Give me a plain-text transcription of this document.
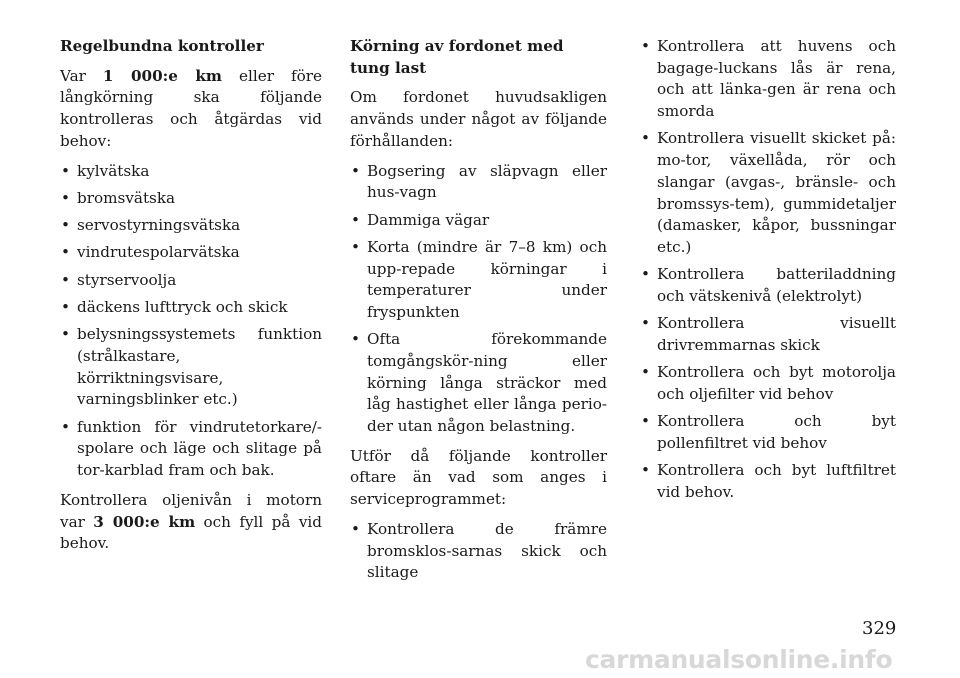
Regelbundna kontroller

Var 1 000:e km eller före långkörning ska följande kontrolleras och åtgärdas vid behov:

• kylvätska
• bromsvätska
• servostyrningsvätska
• vindrutespolarvätska
• styrservoolja
• däckens lufttryck och skick
• belysningssystemets funktion (strålkastare, körriktningsvisare, varningsblinker etc.)
• funktion för vindrutetorkare/-spolare och läge och slitage på tor-karblad fram och bak.

Kontrollera oljenivån i motorn var 3 000:e km och fyll på vid behov.

Körning av fordonet med tung last

Om fordonet huvudsakligen används under något av följande förhållanden:

• Bogsering av släpvagn eller hus-vagn
• Dammiga vägar
• Korta (mindre är 7–8 km) och upp-repade körningar i temperaturer under fryspunkten
• Ofta förekommande tomgångskör-ning eller körning långa sträckor med låg hastighet eller långa perio-der utan någon belastning.

Utför då följande kontroller oftare än vad som anges i serviceprogrammet:

• Kontrollera de främre bromsklos-sarnas skick och slitage
• Kontrollera att huvens och bagage-luckans lås är rena, och att länka-gen är rena och smorda
• Kontrollera visuellt skicket på: mo-tor, växellåda, rör och slangar (avgas-, bränsle- och bromssys-tem), gummidetaljer (damasker, kåpor, bussningar etc.)
• Kontrollera batteriladdning och vätskenivå (elektrolyt)
• Kontrollera visuellt drivremmarnas skick
• Kontrollera och byt motorolja och oljefilter vid behov
• Kontrollera och byt pollenfiltret vid behov
• Kontrollera och byt luftfiltret vid behov.
329
carmanualsonline.info
